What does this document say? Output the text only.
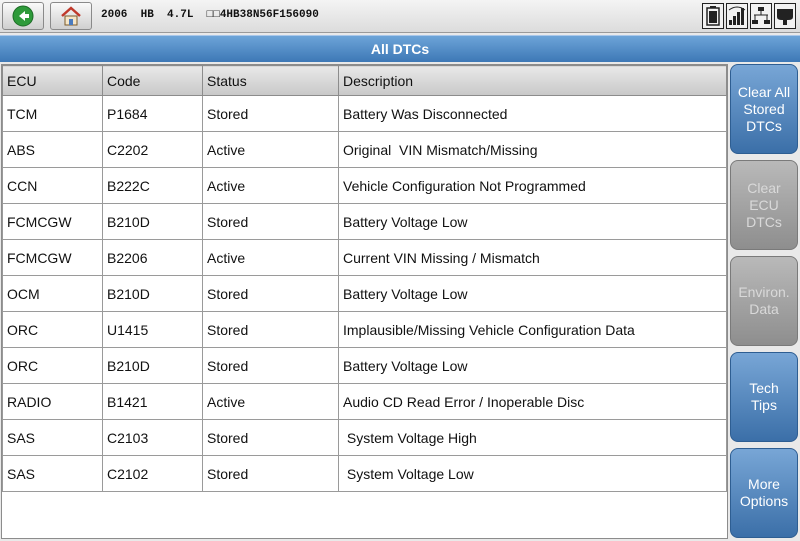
2006  HB  4.7L  □□4HB38N56F156090
All DTCs
ECU	Code	Status	Description
TCM	P1684	Stored	Battery Was Disconnected
ABS	C2202	Active	Original  VIN Mismatch/Missing
CCN	B222C	Active	Vehicle Configuration Not Programmed
FCMCGW	B210D	Stored	Battery Voltage Low
FCMCGW	B2206	Active	Current VIN Missing / Mismatch
OCM	B210D	Stored	Battery Voltage Low
ORC	U1415	Stored	Implausible/Missing Vehicle Configuration Data
ORC	B210D	Stored	Battery Voltage Low
RADIO	B1421	Active	Audio CD Read Error / Inoperable Disc
SAS	C2103	Stored	System Voltage High
SAS	C2102	Stored	System Voltage Low
Clear All
Stored
DTCs
Clear
ECU
DTCs
Environ.
Data
Tech
Tips
More
Options
